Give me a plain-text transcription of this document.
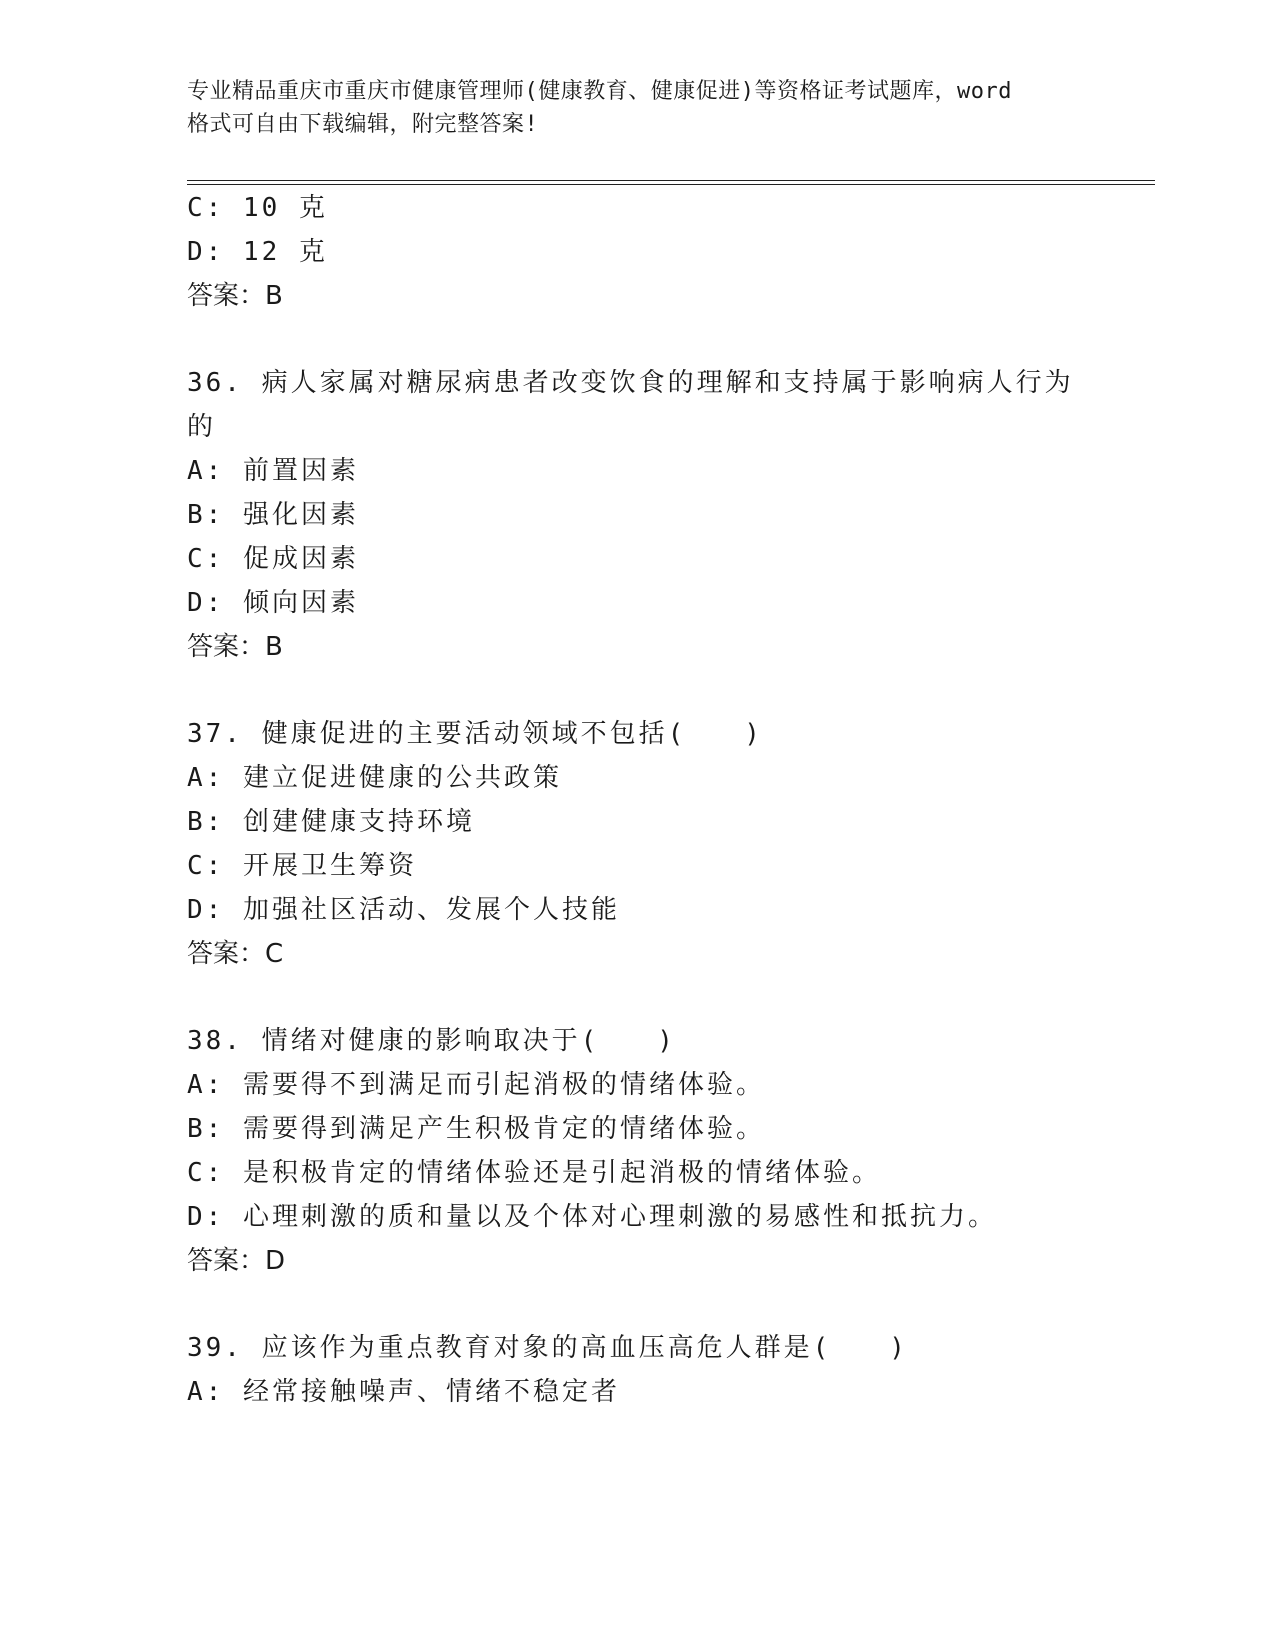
专业精品重庆市重庆市健康管理师(健康教育、健康促进)等资格证考试题库，word
格式可自由下载编辑，附完整答案!
C: 10 克
D: 12 克
答案：B
36. 病人家属对糖尿病患者改变饮食的理解和支持属于影响病人行为
的
A: 前置因素
B: 强化因素
C: 促成因素
D: 倾向因素
答案：B
37. 健康促进的主要活动领域不包括(　　)
A: 建立促进健康的公共政策
B: 创建健康支持环境
C: 开展卫生筹资
D: 加强社区活动、发展个人技能
答案：C
38. 情绪对健康的影响取决于(　　)
A: 需要得不到满足而引起消极的情绪体验。
B: 需要得到满足产生积极肯定的情绪体验。
C: 是积极肯定的情绪体验还是引起消极的情绪体验。
D: 心理刺激的质和量以及个体对心理刺激的易感性和抵抗力。
答案：D
39. 应该作为重点教育对象的高血压高危人群是(　　)
A: 经常接触噪声、情绪不稳定者
